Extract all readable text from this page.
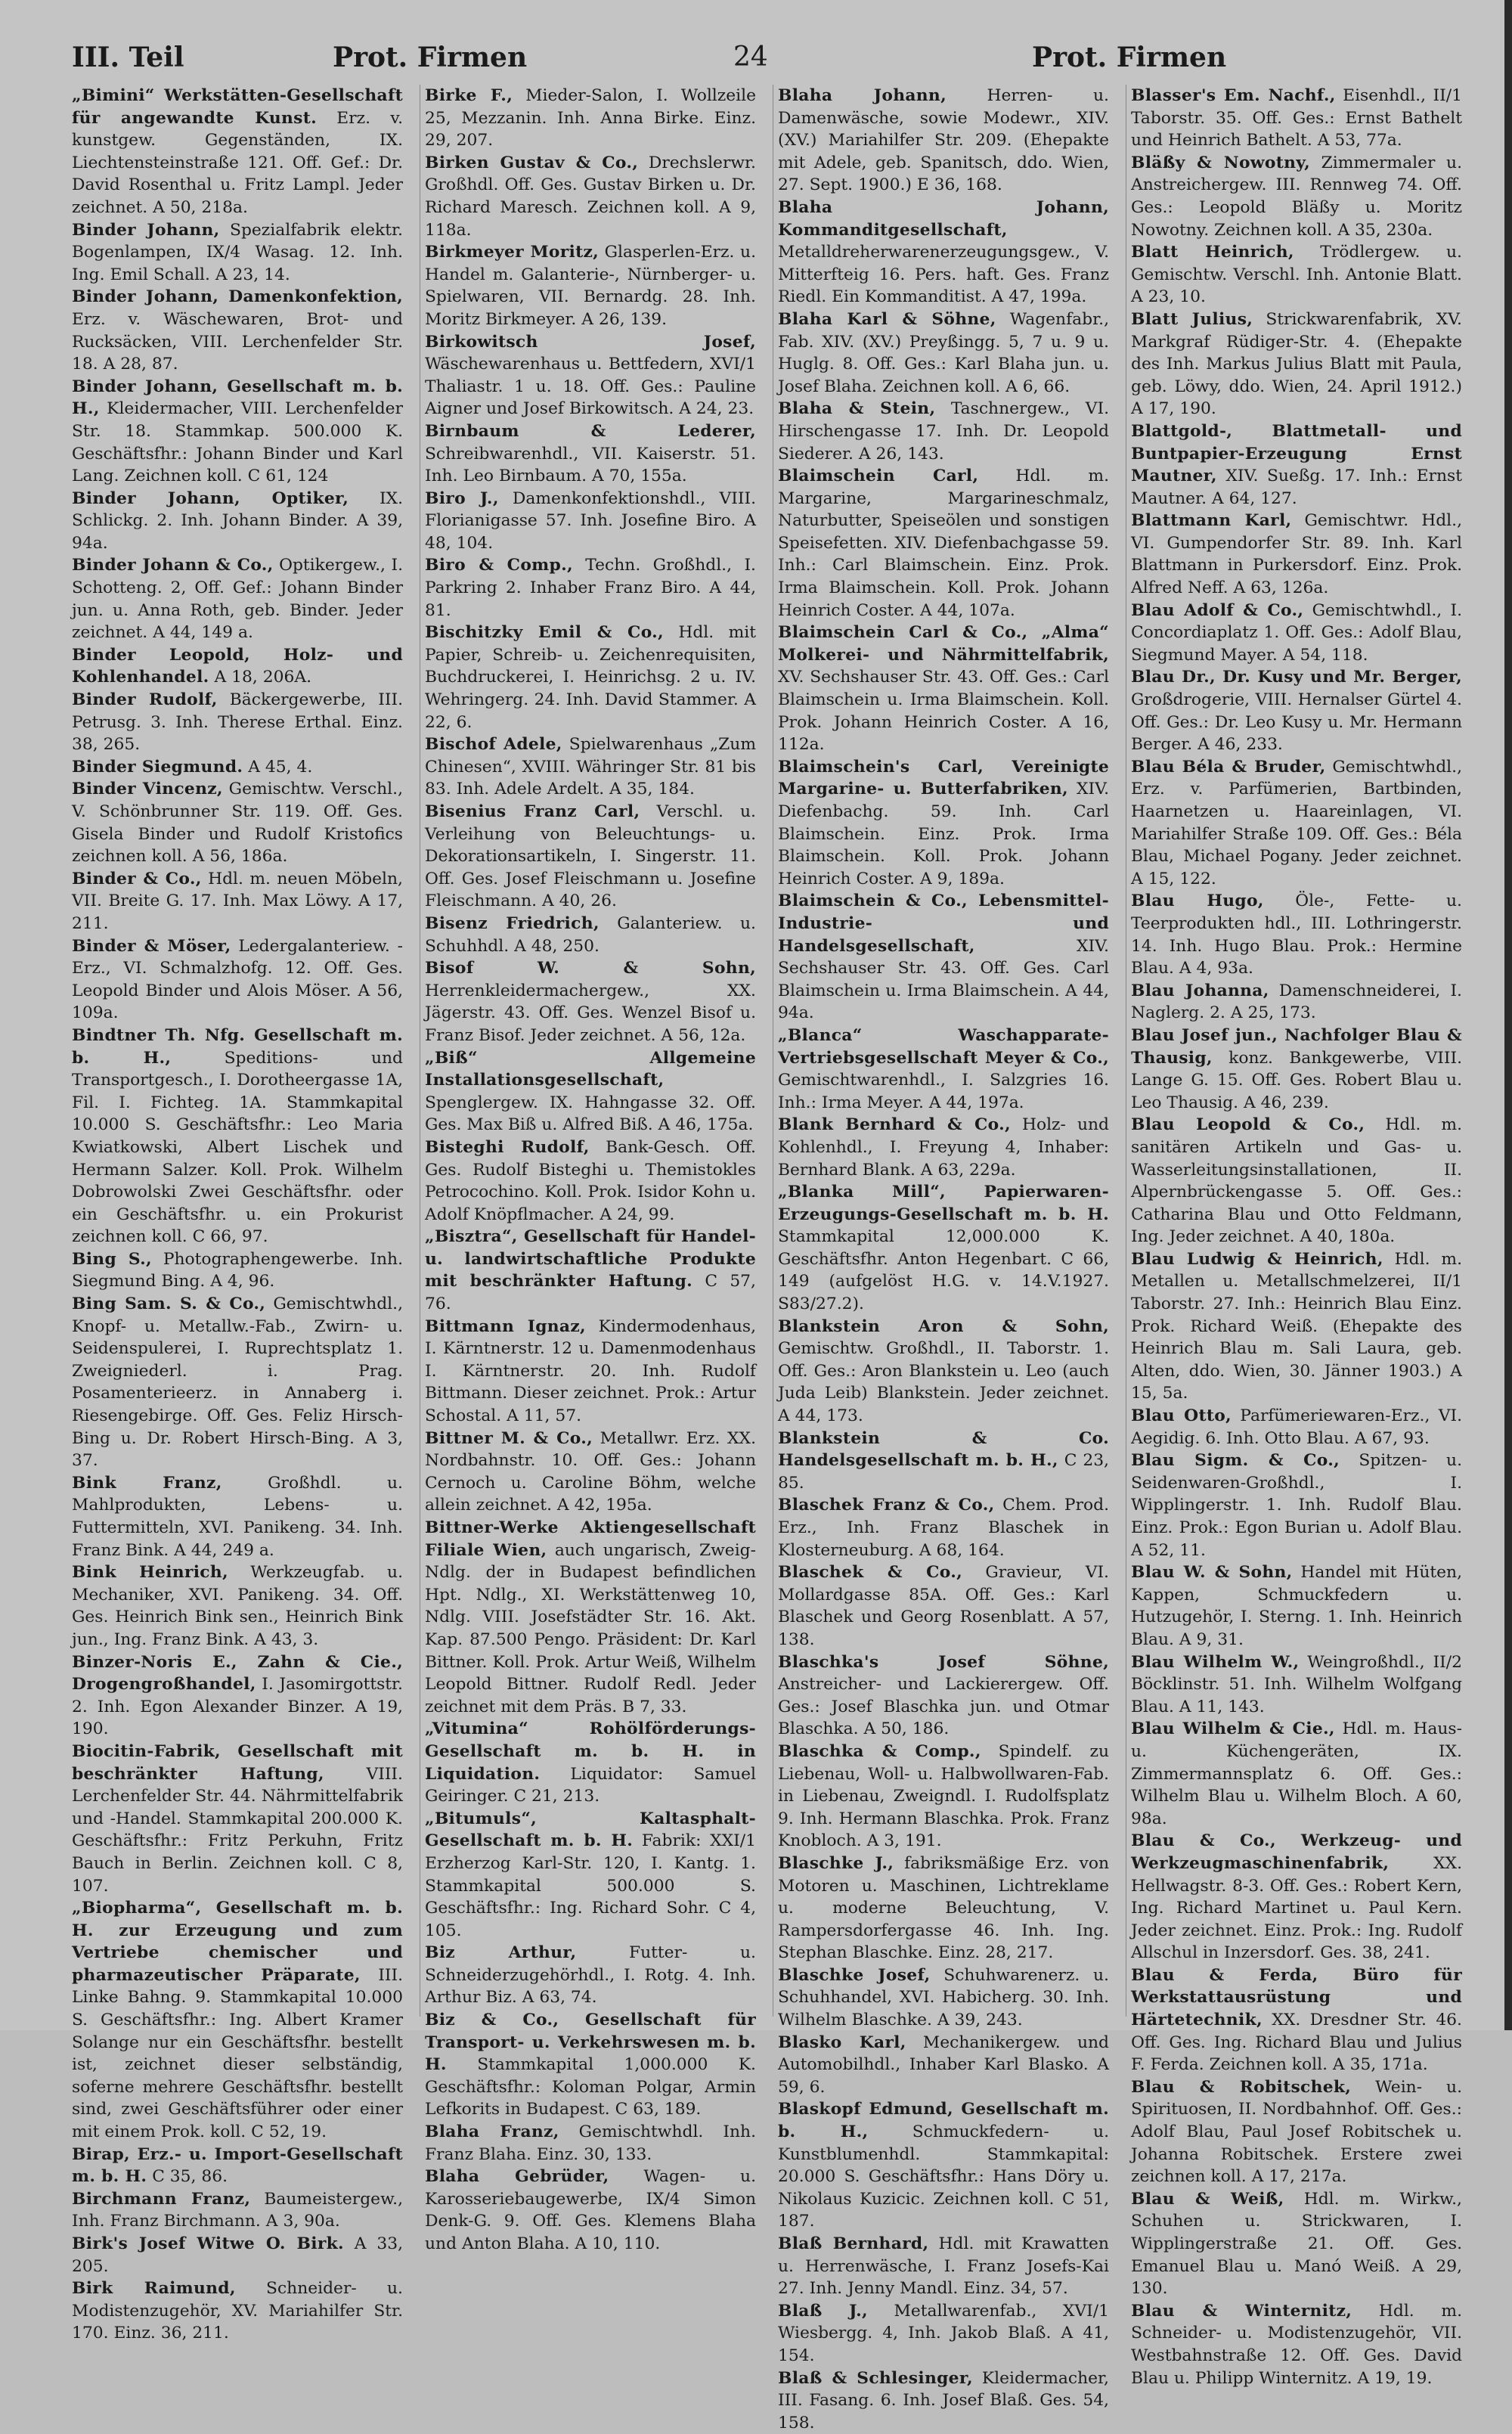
III. Teil	Prot. Firmen	24	Prot. Firmen

„Bimini“ Werkstätten-Gesellschaft für angewandte Kunst. Erz. v. kunstgew. Gegenständen, IX. Liechtensteinstraße 121. Off. Gef.: Dr. David Rosenthal u. Fritz Lampl. Jeder zeichnet. A 50, 218a.

Binder Johann, Spezialfabrik elektr. Bogenlampen, IX/4 Wasag. 12. Inh. Ing. Emil Schall. A 23, 14.

Binder Johann, Damenkonfektion, Erz. v. Wäschewaren, Brot- und Rucksäcken, VIII. Lerchenfelder Str. 18. A 28, 87.

Binder Johann, Gesellschaft m. b. H., Kleidermacher, VIII. Lerchenfelder Str. 18. Stammkap. 500.000 K. Geschäftsfhr.: Johann Binder und Karl Lang. Zeichnen koll. C 61, 124

Binder Johann, Optiker, IX. Schlickg. 2. Inh. Johann Binder. A 39, 94a.

Binder Johann & Co., Optikergew., I. Schotteng. 2, Off. Gef.: Johann Binder jun. u. Anna Roth, geb. Binder. Jeder zeichnet. A 44, 149 a.

Binder Leopold, Holz- und Kohlenhandel. A 18, 206A.

Binder Rudolf, Bäckergewerbe, III. Petrusg. 3. Inh. Therese Erthal. Einz. 38, 265.

Binder Siegmund. A 45, 4.

Binder Vincenz, Gemischtw. Verschl., V. Schönbrunner Str. 119. Off. Ges. Gisela Binder und Rudolf Kristofics zeichnen koll. A 56, 186a.

Binder & Co., Hdl. m. neuen Möbeln, VII. Breite G. 17. Inh. Max Löwy. A 17, 211.

Binder & Möser, Ledergalanteriew. - Erz., VI. Schmalzhofg. 12. Off. Ges. Leopold Binder und Alois Möser. A 56, 109a.

Bindtner Th. Nfg. Gesellschaft m. b. H.,	Speditions- und Transportgesch., I. Dorotheergasse 1A, Fil. I. Fichteg. 1A. Stammkapital 10.000 S. Geschäftsfhr.: Leo Maria Kwiatkowski, Albert Lischek und Hermann Salzer. Koll. Prok. Wilhelm Dobrowolski Zwei Geschäftsfhr. oder ein Geschäftsfhr. u. ein Prokurist zeichnen koll. C 66, 97.

Bing S., Photographengewerbe. Inh. Siegmund Bing. A 4, 96.

Bing Sam. S. & Co., Gemischtwhdl., Knopf- u. Metallw.-Fab., Zwirn- u. Seidenspulerei, I. Ruprechtsplatz 1. Zweigniederl. i. Prag. Posamenterieerz. in Annaberg i. Riesengebirge. Off. Ges. Feliz Hirsch-Bing u. Dr. Robert Hirsch-Bing. A 3, 37.

Bink Franz,	Großhdl. u. Mahlprodukten, Lebens- u. Futtermitteln, XVI. Panikeng. 34. Inh. Franz Bink. A 44, 249 a.

Bink Heinrich, Werkzeugfab. u. Mechaniker, XVI. Panikeng. 34. Off. Ges. Heinrich Bink sen., Heinrich Bink jun., Ing. Franz Bink. A 43, 3.

Binzer-Noris E., Zahn & Cie., Drogengroßhandel, I. Jasomirgottstr. 2. Inh. Egon Alexander Binzer. A 19, 190.

Biocitin-Fabrik, Gesellschaft mit beschränkter Haftung,	VIII. Lerchenfelder Str. 44. Nährmittelfabrik und -Handel. Stammkapital 200.000 K. Geschäftsfhr.: Fritz Perkuhn, Fritz Bauch in Berlin. Zeichnen koll. C 8, 107.

„Biopharma“, Gesellschaft m. b. H. zur Erzeugung und zum Vertriebe chemischer und pharmazeutischer Präparate, III. Linke Bahng. 9. Stammkapital 10.000 S. Geschäftsfhr.: Ing. Albert Kramer Solange nur ein Geschäftsfhr. bestellt ist, zeichnet dieser selbständig, soferne mehrere Geschäftsfhr. bestellt sind, zwei Geschäftsführer oder einer mit einem Prok. koll. C 52, 19.

Birap, Erz.- u. Import-Gesellschaft m. b. H. C 35, 86.

Birchmann Franz, Baumeistergew., Inh. Franz Birchmann. A 3, 90a.

Birk's Josef Witwe O. Birk. A 33, 205.

Birk Raimund, Schneider- u. Modistenzugehör, XV. Mariahilfer Str. 170. Einz. 36, 211.

Birke F., Mieder-Salon, I. Wollzeile 25, Mezzanin. Inh. Anna Birke. Einz. 29, 207.

Birken Gustav & Co., Drechslerwr. Großhdl. Off. Ges. Gustav Birken u. Dr. Richard Maresch. Zeichnen koll. A 9, 118a.

Birkmeyer Moritz, Glasperlen-Erz. u. Handel m. Galanterie-, Nürnberger- u. Spielwaren, VII. Bernardg. 28. Inh. Moritz Birkmeyer. A 26, 139.

Birkowitsch Josef, Wäschewarenhaus u. Bettfedern, XVI/1 Thaliastr. 1 u. 18. Off. Ges.: Pauline Aigner und Josef Birkowitsch. A 24, 23.

Birnbaum & Lederer, Schreibwarenhdl., VII. Kaiserstr. 51. Inh. Leo Birnbaum. A 70, 155a.

Biro J., Damenkonfektionshdl., VIII. Florianigasse 57. Inh. Josefine Biro. A 48, 104.

Biro & Comp., Techn. Großhdl., I. Parkring 2. Inhaber Franz Biro. A 44, 81.

Bischitzky Emil & Co., Hdl. mit Papier, Schreib- u. Zeichenrequisiten, Buchdruckerei, I. Heinrichsg. 2 u. IV. Wehringerg. 24. Inh. David Stammer. A 22, 6.

Bischof Adele, Spielwarenhaus „Zum Chinesen“, XVIII. Währinger Str. 81 bis 83. Inh. Adele Ardelt. A 35, 184.

Bisenius Franz Carl, Verschl. u. Verleihung von Beleuchtungs- u. Dekorationsartikeln, I. Singerstr. 11. Off. Ges. Josef Fleischmann u. Josefine Fleischmann. A 40, 26.

Bisenz Friedrich, Galanteriew. u. Schuhhdl. A 48, 250.

Bisof W. & Sohn, Herrenkleidermachergew., XX. Jägerstr. 43. Off. Ges. Wenzel Bisof u. Franz Bisof. Jeder zeichnet. A 56, 12a.

„Biß“ Allgemeine Installationsgesellschaft, Spenglergew. IX. Hahngasse 32. Off. Ges. Max Biß u. Alfred Biß. A 46, 175a.

Bisteghi Rudolf, Bank-Gesch. Off. Ges. Rudolf Bisteghi u. Themistokles Petrocochino. Koll. Prok. Isidor Kohn u. Adolf Knöpflmacher. A 24, 99.

„Bisztra“, Gesellschaft für Handel- u. landwirtschaftliche Produkte mit beschränkter Haftung. C 57, 76.

Bittmann Ignaz, Kindermodenhaus, I. Kärntnerstr. 12 u. Damenmodenhaus I. Kärntnerstr. 20. Inh. Rudolf Bittmann. Dieser zeichnet. Prok.: Artur Schostal. A 11, 57.

Bittner M. & Co., Metallwr. Erz. XX. Nordbahnstr. 10. Off. Ges.: Johann Cernoch u. Caroline Böhm, welche allein zeichnet. A 42, 195a.

Bittner-Werke Aktiengesellschaft Filiale Wien, auch ungarisch, Zweig-Ndlg. der in Budapest befindlichen Hpt. Ndlg., XI. Werkstättenweg 10, Ndlg. VIII. Josefstädter Str. 16. Akt. Kap. 87.500 Pengo. Präsident: Dr. Karl Bittner. Koll. Prok. Artur Weiß, Wilhelm Leopold Bittner. Rudolf Redl. Jeder zeichnet mit dem Präs. B 7, 33.

„Vitumina“ Rohölförderungs-Gesellschaft m. b. H. in Liquidation. Liquidator: Samuel Geiringer. C 21, 213.

„Bitumuls“, Kaltasphalt-Gesellschaft m. b. H. Fabrik: XXI/1 Erzherzog Karl-Str. 120, I. Kantg. 1. Stammkapital 500.000 S. Geschäftsfhr.: Ing. Richard Sohr. C 4, 105.

Biz Arthur,	Futter- u. Schneiderzugehörhdl., I. Rotg. 4. Inh. Arthur Biz. A 63, 74.

Biz & Co., Gesellschaft für Transport- u. Verkehrswesen m. b. H. Stammkapital 1,000.000 K. Geschäftsfhr.: Koloman Polgar, Armin Lefkorits in Budapest. C 63, 189.

Blaha Franz, Gemischtwhdl. Inh. Franz Blaha. Einz. 30, 133.

Blaha Gebrüder, Wagen- u. Karosseriebaugewerbe, IX/4 Simon Denk-G. 9. Off. Ges. Klemens Blaha und Anton Blaha. A 10, 110.

Blaha Johann, Herren- u. Damenwäsche, sowie Modewr., XIV. (XV.) Mariahilfer Str. 209. (Ehepakte mit Adele, geb. Spanitsch, ddo. Wien, 27. Sept. 1900.) E 36, 168.

Blaha Johann, Kommanditgesellschaft, Metalldreherwarenerzeugungsgew., V. Mitterfteig 16. Pers. haft. Ges. Franz Riedl. Ein Kommanditist. A 47, 199a.

Blaha Karl & Söhne, Wagenfabr., Fab. XIV. (XV.) Preyßingg. 5, 7 u. 9 u. Huglg. 8. Off. Ges.: Karl Blaha jun. u. Josef Blaha. Zeichnen koll. A 6, 66.

Blaha & Stein, Taschnergew., VI. Hirschengasse 17. Inh. Dr. Leopold Siederer. A 26, 143.

Blaimschein Carl, Hdl. m. Margarine, Margarineschmalz, Naturbutter, Speiseölen und sonstigen Speisefetten. XIV. Diefenbachgasse 59. Inh.: Carl Blaimschein. Einz. Prok. Irma Blaimschein. Koll. Prok. Johann Heinrich Coster. A 44, 107a.

Blaimschein Carl & Co., „Alma“ Molkerei- und Nährmittelfabrik, XV. Sechshauser Str. 43. Off. Ges.: Carl Blaimschein u. Irma Blaimschein. Koll. Prok. Johann Heinrich Coster. A 16, 112a.

Blaimschein's Carl, Vereinigte Margarine- u. Butterfabriken, XIV. Diefenbachg. 59. Inh. Carl Blaimschein. Einz. Prok. Irma Blaimschein. Koll. Prok. Johann Heinrich Coster. A 9, 189a.

Blaimschein & Co., Lebensmittel-Industrie- und Handelsgesellschaft,	XIV. Sechshauser Str. 43. Off. Ges. Carl Blaimschein u. Irma Blaimschein. A 44, 94a.

„Blanca“ Waschapparate-Vertriebsgesellschaft Meyer & Co., Gemischtwarenhdl., I. Salzgries 16. Inh.: Irma Meyer. A 44, 197a.

Blank Bernhard & Co., Holz- und Kohlenhdl., I. Freyung 4, Inhaber: Bernhard Blank. A 63, 229a.

„Blanka Mill“, Papierwaren-Erzeugungs-Gesellschaft m. b. H. Stammkapital 12,000.000 K. Geschäftsfhr. Anton Hegenbart. C 66, 149 (aufgelöst H.G. v. 14.V.1927. S83/27.2).

Blankstein Aron & Sohn, Gemischtw. Großhdl., II. Taborstr. 1. Off. Ges.: Aron Blankstein u. Leo (auch Juda Leib) Blankstein. Jeder zeichnet. A 44, 173.

Blankstein & Co. Handelsgesellschaft m. b. H., C 23, 85.

Blaschek Franz & Co., Chem. Prod. Erz., Inh. Franz Blaschek in Klosterneuburg. A 68, 164.

Blaschek & Co., Gravieur, VI. Mollardgasse 85A. Off. Ges.: Karl Blaschek und Georg Rosenblatt. A 57, 138.

Blaschka's Josef Söhne, Anstreicher- und Lackierergew. Off. Ges.: Josef Blaschka jun. und Otmar Blaschka. A 50, 186.

Blaschka & Comp., Spindelf. zu Liebenau, Woll- u. Halbwollwaren-Fab. in Liebenau, Zweigndl. I. Rudolfsplatz 9. Inh. Hermann Blaschka. Prok. Franz Knobloch. A 3, 191.

Blaschke J., fabriksmäßige Erz. von Motoren u. Maschinen, Lichtreklame u. moderne Beleuchtung, V. Rampersdorfergasse 46. Inh. Ing. Stephan Blaschke. Einz. 28, 217.

Blaschke Josef, Schuhwarenerz. u. Schuhhandel, XVI. Habicherg. 30. Inh. Wilhelm Blaschke. A 39, 243.

Blasko Karl, Mechanikergew. und Automobilhdl., Inhaber Karl Blasko. A 59, 6.

Blaskopf Edmund, Gesellschaft m. b. H.,	Schmuckfedern- u. Kunstblumenhdl. Stammkapital: 20.000 S. Geschäftsfhr.: Hans Döry u. Nikolaus Kuzicic. Zeichnen koll. C 51, 187.

Blaß Bernhard, Hdl. mit Krawatten u. Herrenwäsche, I. Franz Josefs-Kai 27. Inh. Jenny Mandl. Einz. 34, 57.

Blaß J., Metallwarenfab., XVI/1 Wiesbergg. 4, Inh. Jakob Blaß. A 41, 154.

Blaß & Schlesinger, Kleidermacher, III. Fasang. 6. Inh. Josef Blaß. Ges. 54, 158.

Blasser's Em. Nachf., Eisenhdl., II/1 Taborstr. 35. Off. Ges.: Ernst Bathelt und Heinrich Bathelt. A 53, 77a.

Bläßy & Nowotny, Zimmermaler u. Anstreichergew. III. Rennweg 74. Off. Ges.: Leopold Bläßy u. Moritz Nowotny. Zeichnen koll. A 35, 230a.

Blatt Heinrich, Trödlergew. u. Gemischtw. Verschl. Inh. Antonie Blatt. A 23, 10.

Blatt Julius, Strickwarenfabrik, XV. Markgraf Rüdiger-Str. 4. (Ehepakte des Inh. Markus Julius Blatt mit Paula, geb. Löwy, ddo. Wien, 24. April 1912.) A 17, 190.

Blattgold-, Blattmetall- und Buntpapier-Erzeugung Ernst Mautner, XIV. Sueßg. 17. Inh.: Ernst Mautner. A 64, 127.

Blattmann Karl, Gemischtwr. Hdl., VI. Gumpendorfer Str. 89. Inh. Karl Blattmann in Purkersdorf. Einz. Prok. Alfred Neff. A 63, 126a.

Blau Adolf & Co., Gemischtwhdl., I. Concordiaplatz 1. Off. Ges.: Adolf Blau, Siegmund Mayer. A 54, 118.

Blau Dr., Dr. Kusy und Mr. Berger, Großdrogerie, VIII. Hernalser Gürtel 4. Off. Ges.: Dr. Leo Kusy u. Mr. Hermann Berger. A 46, 233.

Blau Béla & Bruder, Gemischtwhdl., Erz. v. Parfümerien, Bartbinden, Haarnetzen u. Haareinlagen, VI. Mariahilfer Straße 109. Off. Ges.: Béla Blau, Michael Pogany. Jeder zeichnet. A 15, 122.

Blau Hugo, Öle-, Fette- u. Teerprodukten hdl., III. Lothringerstr. 14. Inh. Hugo Blau. Prok.: Hermine Blau. A 4, 93a.

Blau Johanna, Damenschneiderei, I. Naglerg. 2. A 25, 173.

Blau Josef jun., Nachfolger Blau & Thausig, konz. Bankgewerbe, VIII. Lange G. 15. Off. Ges. Robert Blau u. Leo Thausig. A 46, 239.

Blau Leopold & Co., Hdl. m. sanitären Artikeln und Gas- u. Wasserleitungsinstallationen, II. Alpernbrückengasse 5. Off. Ges.: Catharina Blau und Otto Feldmann, Ing. Jeder zeichnet. A 40, 180a.

Blau Ludwig & Heinrich, Hdl. m. Metallen u. Metallschmelzerei, II/1 Taborstr. 27. Inh.: Heinrich Blau Einz. Prok. Richard Weiß. (Ehepakte des Heinrich Blau m. Sali Laura, geb. Alten, ddo. Wien, 30. Jänner 1903.) A 15, 5a.

Blau Otto, Parfümeriewaren-Erz., VI. Aegidig. 6. Inh. Otto Blau. A 67, 93.

Blau Sigm. & Co., Spitzen- u. Seidenwaren-Großhdl., I. Wipplingerstr. 1. Inh. Rudolf Blau. Einz. Prok.: Egon Burian u. Adolf Blau. A 52, 11.

Blau W. & Sohn, Handel mit Hüten, Kappen, Schmuckfedern u. Hutzugehör, I. Sterng. 1. Inh. Heinrich Blau. A 9, 31.

Blau Wilhelm W., Weingroßhdl., II/2 Böcklinstr. 51. Inh. Wilhelm Wolfgang Blau. A 11, 143.

Blau Wilhelm & Cie., Hdl. m. Haus- u. Küchengeräten, IX. Zimmermannsplatz 6. Off. Ges.: Wilhelm Blau u. Wilhelm Bloch. A 60, 98a.

Blau & Co., Werkzeug- und Werkzeugmaschinenfabrik,	XX. Hellwagstr. 8-3. Off. Ges.: Robert Kern, Ing. Richard Martinet u. Paul Kern. Jeder zeichnet. Einz. Prok.: Ing. Rudolf Allschul in Inzersdorf. Ges. 38, 241.

Blau & Ferda, Büro für Werkstattausrüstung und Härtetechnik, XX. Dresdner Str. 46. Off. Ges. Ing. Richard Blau und Julius F. Ferda. Zeichnen koll. A 35, 171a.

Blau & Robitschek, Wein- u. Spirituosen, II. Nordbahnhof. Off. Ges.: Adolf Blau, Paul Josef Robitschek u. Johanna Robitschek. Erstere zwei zeichnen koll. A 17, 217a.

Blau & Weiß, Hdl. m. Wirkw., Schuhen u. Strickwaren, I. Wipplingerstraße 21. Off. Ges. Emanuel Blau u. Manó Weiß. A 29, 130.

Blau & Winternitz, Hdl. m. Schneider- u. Modistenzugehör, VII. Westbahnstraße 12. Off. Ges. David Blau u. Philipp Winternitz. A 19, 19.
